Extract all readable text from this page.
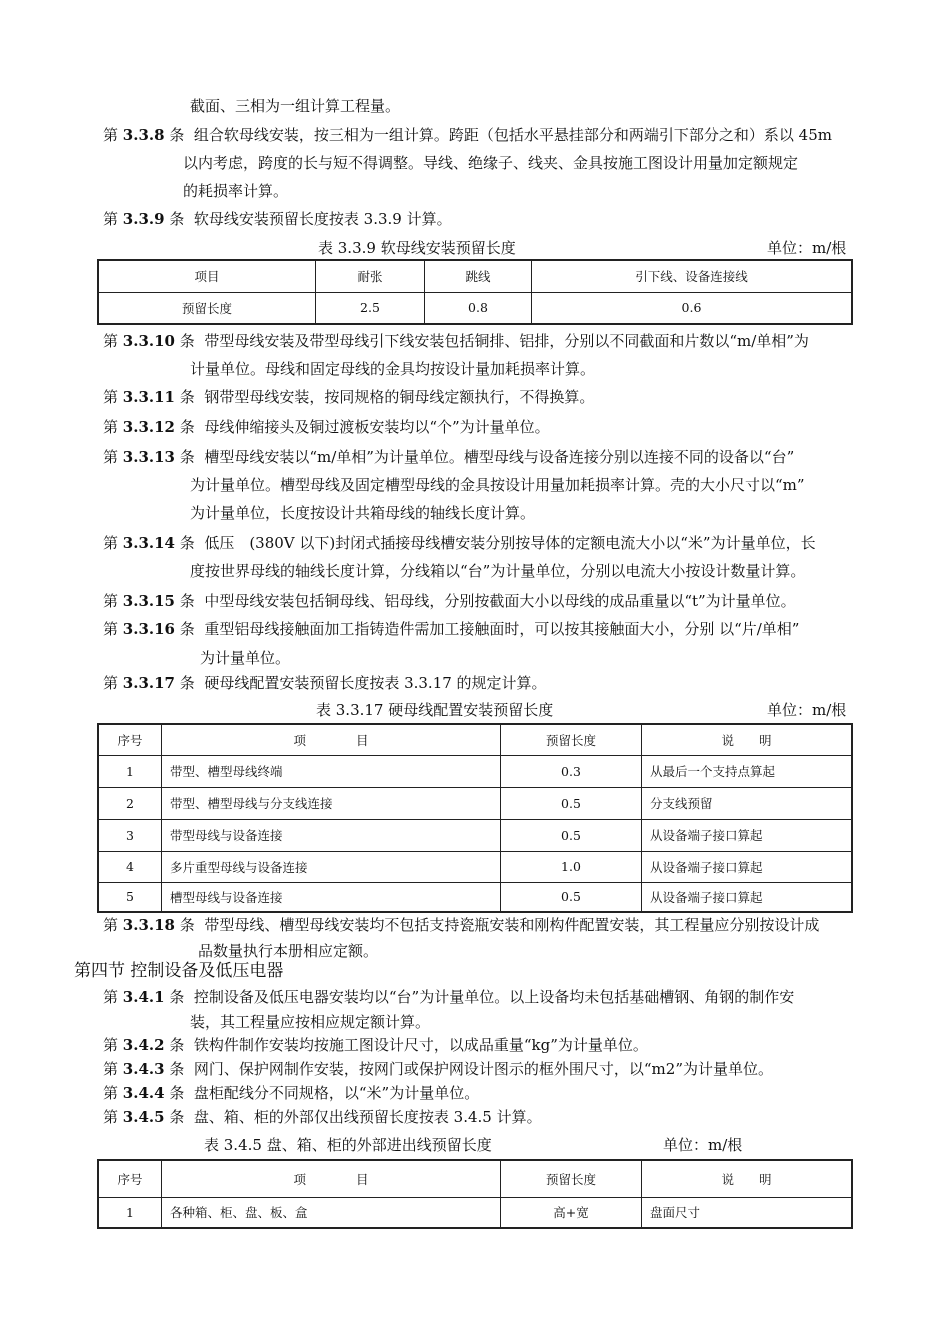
截面、三相为一组计算工程量。
第 3.3.8 条 组合软母线安装，按三相为一组计算。跨距（包括水平悬挂部分和两端引下部分之和）系以 45m
以内考虑，跨度的长与短不得调整。导线、绝缘子、线夹、金具按施工图设计用量加定额规定
的耗损率计算。
第 3.3.9 条 软母线安装预留长度按表 3.3.9 计算。
表 3.3.9 软母线安装预留长度	单位：m/根
项目	耐张	跳线	引下线、设备连接线
预留长度	2.5	0.8	0.6
第 3.3.10 条 带型母线安装及带型母线引下线安装包括铜排、铝排，分别以不同截面和片数以“m/单相”为
计量单位。母线和固定母线的金具均按设计量加耗损率计算。
第 3.3.11 条 钢带型母线安装，按同规格的铜母线定额执行，不得换算。
第 3.3.12 条 母线伸缩接头及铜过渡板安装均以“个”为计量单位。
第 3.3.13 条 槽型母线安装以“m/单相”为计量单位。槽型母线与设备连接分别以连接不同的设备以“台”
为计量单位。槽型母线及固定槽型母线的金具按设计用量加耗损率计算。壳的大小尺寸以“m”
为计量单位，长度按设计共箱母线的轴线长度计算。
第 3.3.14 条 低压　(380V 以下)封闭式插接母线槽安装分别按导体的定额电流大小以“米”为计量单位，长
度按世界母线的轴线长度计算，分线箱以“台”为计量单位，分别以电流大小按设计数量计算。
第 3.3.15 条 中型母线安装包括铜母线、铝母线，分别按截面大小以母线的成品重量以“t”为计量单位。
第 3.3.16 条 重型铝母线接触面加工指铸造件需加工接触面时，可以按其接触面大小，分别 以“片/单相”
为计量单位。
第 3.3.17 条 硬母线配置安装预留长度按表 3.3.17 的规定计算。
表 3.3.17 硬母线配置安装预留长度	单位：m/根
序号	项　　　　目	预留长度	说　　明
1	带型、槽型母线终端	0.3	从最后一个支持点算起
2	带型、槽型母线与分支线连接	0.5	分支线预留
3	带型母线与设备连接	0.5	从设备端子接口算起
4	多片重型母线与设备连接	1.0	从设备端子接口算起
5	槽型母线与设备连接	0.5	从设备端子接口算起
第 3.3.18 条 带型母线、槽型母线安装均不包括支持瓷瓶安装和刚构件配置安装，其工程量应分别按设计成
品数量执行本册相应定额。
第四节 控制设备及低压电器
第 3.4.1 条 控制设备及低压电器安装均以“台”为计量单位。以上设备均未包括基础槽钢、角钢的制作安
装，其工程量应按相应规定额计算。
第 3.4.2 条 铁构件制作安装均按施工图设计尺寸，以成品重量“kg”为计量单位。
第 3.4.3 条 网门、保护网制作安装，按网门或保护网设计图示的框外围尺寸，以“m2”为计量单位。
第 3.4.4 条 盘柜配线分不同规格，以“米”为计量单位。
第 3.4.5 条 盘、箱、柜的外部仅出线预留长度按表 3.4.5 计算。
表 3.4.5 盘、箱、柜的外部进出线预留长度	单位：m/根
序号	项　　　　目	预留长度	说　　明
1	各种箱、柜、盘、板、盒	高+宽	盘面尺寸
